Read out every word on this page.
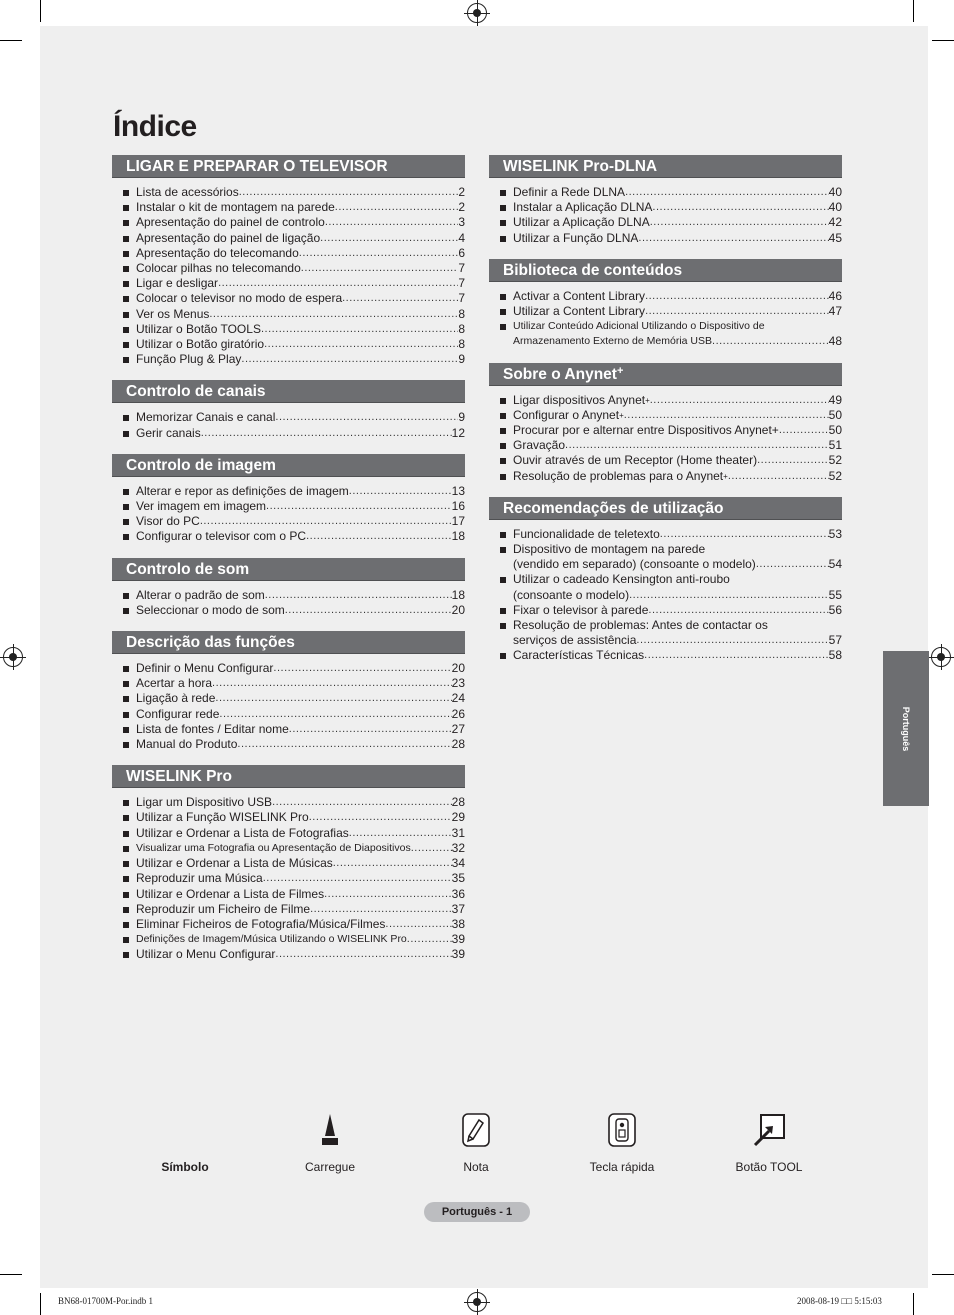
Índice
LIGAR E PREPARAR O TELEVISOR
Lista de acessórios .....	2
Instalar o kit de montagem na parede .....	2
Apresentação do painel de controlo .....	3
Apresentação do painel de ligação .....	4
Apresentação do telecomando .....	6
Colocar pilhas no telecomando .....	7
Ligar e desligar .....	7
Colocar o televisor no modo de espera .....	7
Ver os Menus .....	8
Utilizar o Botão TOOLS .....	8
Utilizar o Botão giratório .....	8
Função Plug & Play .....	9
Controlo de canais
Memorizar Canais e canal .....	9
Gerir canais .....	12
Controlo de imagem
Alterar e repor as definições de imagem .....	13
Ver imagem em imagem .....	16
Visor do PC .....	17
Configurar o televisor com o PC .....	18
Controlo de som
Alterar o padrão de som .....	18
Seleccionar o modo de som .....	20
Descrição das funções
Definir o Menu Configurar .....	20
Acertar a hora .....	23
Ligação à rede .....	24
Configurar rede .....	26
Lista de fontes / Editar nome .....	27
Manual do Produto .....	28
WISELINK Pro
Ligar um Dispositivo USB .....	28
Utilizar a Função WISELINK Pro .....	29
Utilizar e Ordenar a Lista de Fotografias .....	31
Visualizar uma Fotografia ou Apresentação de Diapositivos .....	32
Utilizar e Ordenar a Lista de Músicas .....	34
Reproduzir uma Música .....	35
Utilizar e Ordenar a Lista de Filmes .....	36
Reproduzir um Ficheiro de Filme .....	37
Eliminar Ficheiros de Fotografia/Música/Filmes .....	38
Definições de Imagem/Música Utilizando o WISELINK Pro .....	39
Utilizar o Menu Configurar .....	39
WISELINK Pro-DLNA
Definir a Rede DLNA .....	40
Instalar a Aplicação DLNA .....	40
Utilizar a Aplicação DLNA .....	42
Utilizar a Função DLNA .....	45
Biblioteca de conteúdos
Activar a Content Library .....	46
Utilizar a Content Library .....	47
Utilizar Conteúdo Adicional Utilizando o Dispositivo de
Armazenamento Externo de Memória USB .....	48
Sobre o Anynet+
Ligar dispositivos Anynet + .....	49
Configurar o Anynet + .....	50
Procurar por e alternar entre Dispositivos Anynet+ .....	50
Gravação .....	51
Ouvir através de um Receptor (Home theater) .....	52
Resolução de problemas para o Anynet + .....	52
Recomendações de utilização
Funcionalidade de teletexto .....	53
Dispositivo de montagem na parede
(vendido em separado) (consoante o modelo) .....	54
Utilizar o cadeado Kensington anti-roubo
(consoante o modelo) .....	55
Fixar o televisor à parede .....	56
Resolução de problemas: Antes de contactar os
serviços de assistência .....	57
Características Técnicas .....	58
Português
Símbolo	Carregue	Nota	Tecla rápida	Botão TOOL
Português - 1
BN68-01700M-Por.indb 1	2008-08-19 □□ 5:15:03
